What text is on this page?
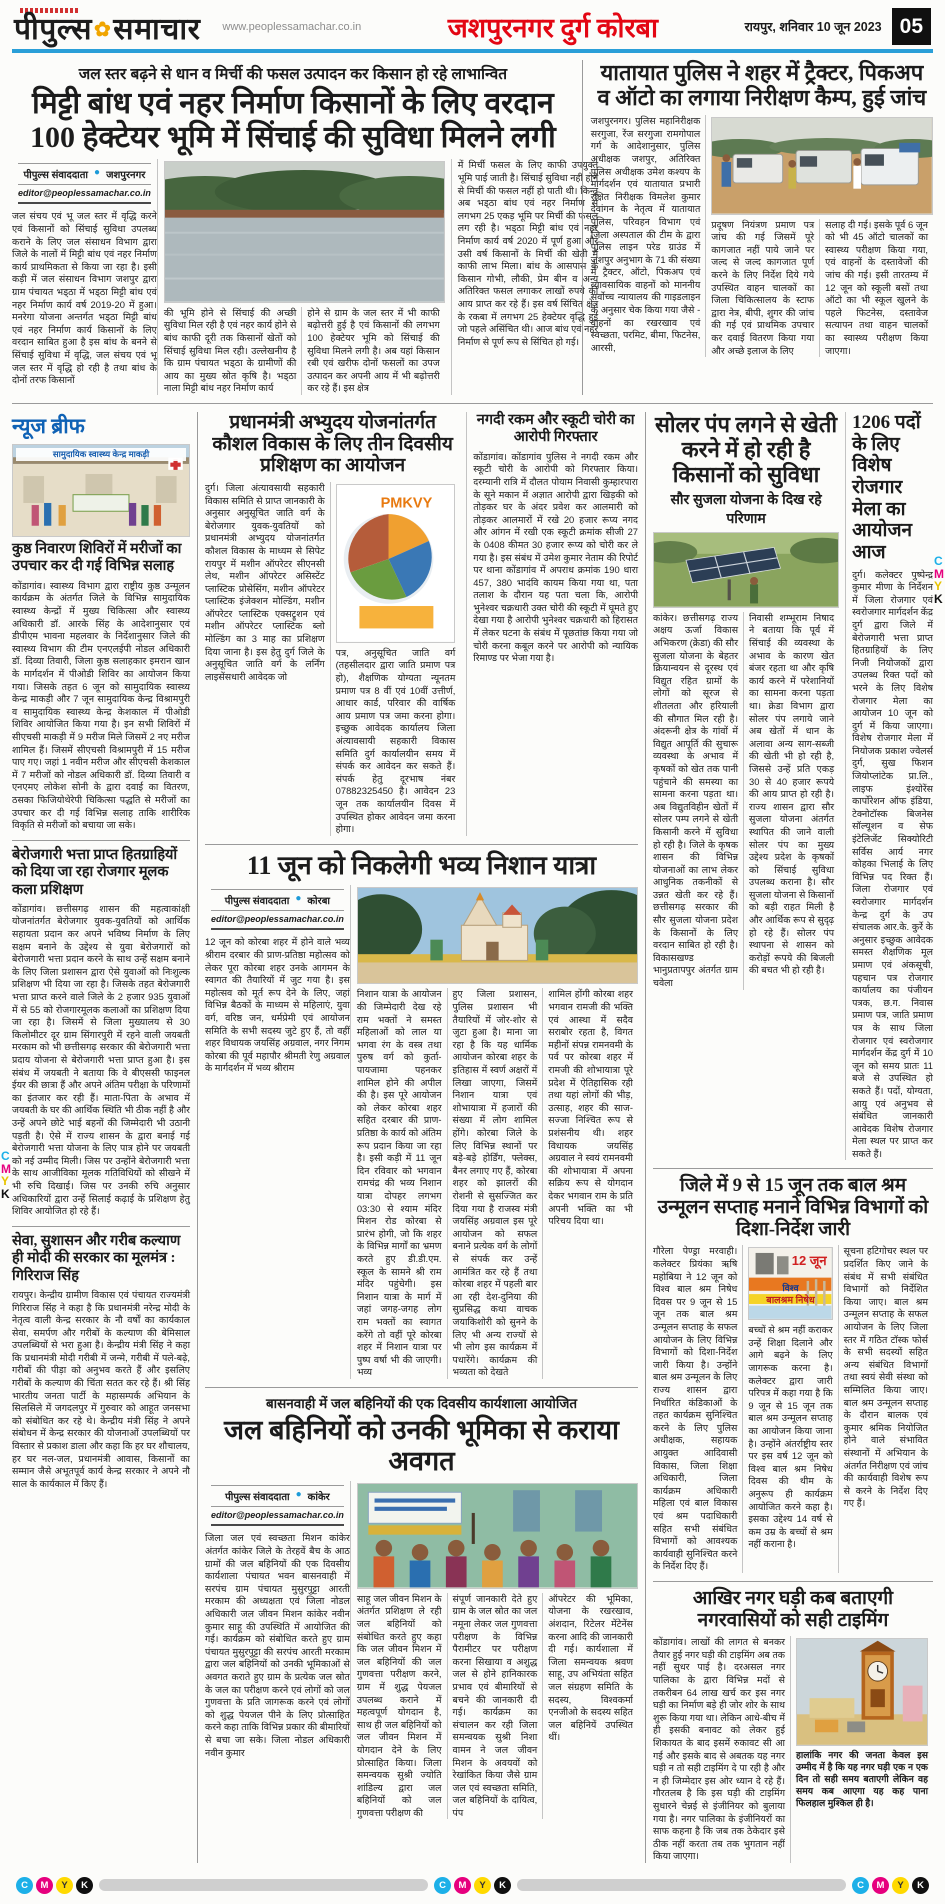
पीपुल्स ✿ समाचार www.peoplessamachar.co.in	जशपुरनगर दुर्ग कोरबा	रायपुर, शनिवार 10 जून 2023 05
जल स्तर बढ़ने से धान व मिर्ची की फसल उत्पादन कर किसान हो रहे लाभान्वित
मिट्टी बांध एवं नहर निर्माण किसानों के लिए वरदान
100 हेक्टेयर भूमि में सिंचाई की सुविधा मिलने लगी
पीपुल्स संवाददाता ● जशपुरनगर
editor@peoplessamachar.co.in
जल संचय एवं भू जल स्तर में वृद्धि करने एवं किसानों को सिंचाई सुविधा उपलब्ध कराने के लिए जल संसाधन विभाग द्वारा जिले के नालों में मिट्टी बांध एवं नहर निर्माण कार्य प्राथमिकता से किया जा रहा है। इसी कड़ी में जल संसाधन विभाग जशपुर द्वारा ग्राम पंचायत भड्ठा में भड्ठा मिट्टी बांध एवं नहर निर्माण कार्य वर्ष 2019-20 में हुआ। मनरेगा योजना अन्तर्गत भड्ठा मिट्टी बांध एवं नहर निर्माण कार्य किसानों के लिए वरदान साबित हुआ है इस बांध के बनने से सिंचाई सुविधा में वृद्धि, जल संचय एवं भू जल स्तर में वृद्धि हो रही है तथा बांध के दोनों तरफ किसानों
की भूमि होने से सिंचाई की अच्छी सुविधा मिल रही है एवं नहर कार्य होने से बांध काफी दूरी तक किसानों खेतों को सिंचाई सुविधा मिल रही। उल्लेखनीय है कि ग्राम पंचायत भड्ठा के ग्रामीणों की आय का मुख्य स्रोत कृषि है। भड्ठा नाला मिट्टी बांध नहर निर्माण कार्य
होने से ग्राम के जल स्तर में भी काफी बढ़ोत्तरी हुई है एवं किसानों की लगभग 100 हेक्टेयर भूमि को सिंचाई की सुविधा मिलने लगी है। अब यहां किसान रबी एवं खरीफ दोनों फसलों का उपज उत्पादन कर अपनी आय में भी बढ़ोत्तरी कर रहे हैं। इस क्षेत्र
में मिर्ची फसल के लिए काफी उपयुक्त भूमि पाई जाती है। सिंचाई सुविधा नहीं होने से मिर्ची की फसल नहीं हो पाती थी। किन्तु अब भड्ठा बांध एवं नहर निर्माण से लगभग 25 एकड़ भूमि पर मिर्ची की फसल लग रही है। भड्ठा मिट्टी बांध एवं नहर निर्माण कार्य वर्ष 2020 में पूर्ण हुआ और उसी वर्ष किसानों के मिर्ची की खेती में काफी लाभ मिला। बांध के आसपास के किसान गोभी, लौकी, प्रेम बीन व अन्य अतिरिक्त फसल लगाकर लाखों रुपये की आय प्राप्त कर रहे हैं। इस वर्ष सिंचित क्षेत्र के रकबा में लगभग 25 हेक्टेयर वृद्धि हुई जो पहले असिंचित थी। आज बांध एवं नहर निर्माण से पूर्ण रूप से सिंचित हो गई।
यातायात पुलिस ने शहर में ट्रैक्टर, पिकअप
व ऑटो का लगाया निरीक्षण कैम्प, हुई जांच
जशपुरनगर। पुलिस महानिरीक्षक सरगुजा, रेंज सरगुजा रामगोपाल गर्ग के आदेशानुसार, पुलिस अधीक्षक जशपुर, अतिरिक्त पुलिस अधीक्षक उमेश कश्यप के मार्गदर्शन एवं यातायात प्रभारी रक्षित निरीक्षक विमलेश कुमार देवांगन के नेतृत्व में यातायात पुलिस, परिवहन विभाग एवं जिला अस्पताल की टीम के द्वारा पुलिस लाइन परेड ग्राउंड में जशपुर अनुभाग के 71 की संख्या में ट्रैक्टर, ऑटो, पिकअप एवं व्यावसायिक वाहनों को माननीय सर्वोच्च न्यायालय की गाइडलाइन के अनुसार चेक किया गया जैसे - वाहनों का रखरखाव एवं स्वच्छता, परमिट, बीमा, फिटनेस, आरसी,
प्रदूषण नियंत्रण प्रमाण पत्र जांच की गई जिसमें पूरे कागजात नहीं पाये जाने पर जल्द से जल्द कागजात पूर्ण करने के लिए निर्देश दिये गये उपस्थित वाहन चालकों का जिला चिकित्सालय के स्टाफ द्वारा नेत्र, बीपी, शुगर की जांच की गई एवं प्राथमिक उपचार कर दवाई वितरण किया गया और अच्छे इलाज के लिए
सलाह दी गई। इसके पूर्व 6 जून को भी 45 ऑटो चालकों का स्वास्थ्य परीक्षण किया गया, एवं वाहनों के दस्तावेजों की जांच की गई। इसी तारतम्य में 12 जून को स्कूली बसों तथा ऑटो का भी स्कूल खुलने के पहले फिटनेस, दस्तावेज सत्यापन तथा वाहन चालकों का स्वास्थ्य परीक्षण किया जाएगा।
न्यूज ब्रीफ
सामुदायिक स्वास्थ्य केन्द्र माकड़ी
कुष्ठ निवारण शिविरों में मरीजों का उपचार कर दी गई विभिन्न सलाह
कोंडागांव। स्वास्थ्य विभाग द्वारा राष्ट्रीय कुष्ठ उन्मूलन कार्यक्रम के अंतर्गत जिले के विभिन्न सामुदायिक स्वास्थ्य केन्द्रों में मुख्य चिकित्सा और स्वास्थ्य अधिकारी डॉ. आरके सिंह के आदेशानुसार एवं डीपीएम भावना महलवार के निर्देशानुसार जिले की स्वास्थ्य विभाग की टीम एनएलईपी नोडल अधिकारी डॉ. दिव्या तिवारी, जिला कुष्ठ सलाहकार इमरान खान के मार्गदर्शन में पीओडी शिविर का आयोजन किया गया। जिसके तहत 6 जून को सामुदायिक स्वास्थ्य केन्द्र माकड़ी और 7 जून सामुदायिक केन्द्र विश्रामपुरी व सामुदायिक स्वास्थ्य केन्द्र केशकाल में पीओडी शिविर आयोजित किया गया है। इन सभी शिविरों में सीएचसी माकड़ी में 9 मरीज मिले जिसमें 2 नए मरीज शामिल हैं। जिसमें सीएचसी विश्रामपुरी में 15 मरीज पाए गए। जहां 1 नवीन मरीज और सीएचसी केशकाल में 7 मरीजों को नोडल अधिकारी डॉ. दिव्या तिवारी व एनएमए लोकेश सोनी के द्वारा दवाई का वितरण, ठसका फिजियोथेरेपी चिकित्सा पद्धति से मरीजों का उपचार कर दी गई विभिन्न सलाह ताकि शारीरिक विकृति से मरीजों को बचाया जा सके।
बेरोजगारी भत्ता प्राप्त हितग्राहियों को दिया जा रहा रोजगार मूलक कला प्रशिक्षण
कोंडागांव। छत्तीसगढ़ शासन की महत्वाकांक्षी योजनांतर्गत बेरोजगार युवक-युवतियों को आर्थिक सहायता प्रदान कर अपने भविष्य निर्माण के लिए सक्षम बनाने के उद्देश्य से युवा बेरोजगारों को बेरोजगारी भत्ता प्रदान करने के साथ उन्हें सक्षम बनाने के लिए जिला प्रशासन द्वारा ऐसे युवाओं को निःशुल्क प्रशिक्षण भी दिया जा रहा है। जिसके तहत बेरोजगारी भत्ता प्राप्त करने वाले जिले के 2 हजार 935 युवाओं में से 55 को रोजगारमूलक कलाओं का प्रशिक्षण दिया जा रहा है। जिसमें से जिला मुख्यालय से 30 किलोमीटर दूर ग्राम सिंगारपुरी में रहने वाली जयबती मरकाम को भी छत्तीसगढ़ सरकार की बेरोजगारी भत्ता प्रदाय योजना से बेरोजगारी भत्ता प्राप्त हुआ है। इस संबंध में जयबती ने बताया कि वे बीएससी फाइनल ईयर की छात्रा हैं और अपने अंतिम परीक्षा के परिणामों का इंतजार कर रही हैं। माता-पिता के अभाव में जयबती के घर की आर्थिक स्थिति भी ठीक नहीं है और उन्हें अपने छोटे भाई बहनों की जिम्मेदारी भी उठानी पड़ती है। ऐसे में राज्य शासन के द्वारा बनाई गई बेरोजगारी भत्ता योजना के लिए पात्र होने पर जयबती को नई उम्मीद मिली। जिस पर उन्होंने बेरोजगारी भत्ता के साथ आजीविका मूलक गतिविधियों को सीखने में भी रुचि दिखाई। जिस पर उनकी रुचि अनुसार अधिकारियों द्वारा उन्हें सिलाई कढ़ाई के प्रशिक्षण हेतु शिविर आयोजित हो रहे हैं।
सेवा, सुशासन और गरीब कल्याण ही मोदी की सरकार का मूलमंत्र : गिरिराज सिंह
रायपुर। केन्द्रीय ग्रामीण विकास एवं पंचायत राज्यमंत्री गिरिराज सिंह ने कहा है कि प्रधानमंत्री नरेन्द्र मोदी के नेतृत्व वाली केन्द्र सरकार के नौ वर्षों का कार्यकाल सेवा, समर्पण और गरीबों के कल्याण की बेमिसाल उपलब्धियों से भरा हुआ है। केन्द्रीय मंत्री सिंह ने कहा कि प्रधानमंत्री मोदी गरीबी में जन्मे, गरीबी में पले-बढ़े, गरीबों की पीड़ा को अनुभव करते हैं और इसलिए गरीबों के कल्याण की चिंता सतत कर रहे हैं। श्री सिंह भारतीय जनता पार्टी के महासम्पर्क अभियान के सिलसिले में जगदलपुर में गुरुवार को आहूत जनसभा को संबोधित कर रहे थे। केन्द्रीय मंत्री सिंह ने अपने संबोधन में केन्द्र सरकार की योजनाओं उपलब्धियों पर विस्तार से प्रकाश डाला और कहा कि हर घर शौचालय, हर घर नल-जल, प्रधानमंत्री आवास, किसानों का सम्मान जैसे अभूतपूर्व कार्य केन्द्र सरकार ने अपने नौ साल के कार्यकाल में किए हैं।
प्रधानमंत्री अभ्युदय योजनांतर्गत कौशल विकास के लिए तीन दिवसीय प्रशिक्षण का आयोजन
दुर्ग। जिला अंत्यावसायी सहकारी विकास समिति से प्राप्त जानकारी के अनुसार अनुसूचित जाति वर्ग के बेरोजगार युवक-युवतियों को प्रधानमंत्री अभ्युदय योजनांतर्गत कौशल विकास के माध्यम से सिपेट रायपुर में मशीन ऑपरेटर सीएनसी लेथ, मशीन ऑपरेटर असिस्टेंट प्लास्टिक प्रोसेसिंग, मशीन ऑपरेटर प्लास्टिक इंजेक्शन मोल्डिंग, मशीन ऑपरेटर प्लास्टिक एक्सट्रूशन एवं मशीन ऑपरेटर प्लास्टिक ब्लो मोल्डिंग का 3 माह का प्रशिक्षण दिया जाना है। इस हेतु दुर्ग जिले के अनुसूचित जाति वर्ग के लर्निंग लाइसेंसधारी आवेदक जो
PMKVY
पत्र, अनुसूचित जाति वर्ग (तहसीलदार द्वारा जाति प्रमाण पत्र हो), शैक्षणिक योग्यता न्यूनतम प्रमाण पत्र 8 वीं एवं 10वीं उत्तीर्ण, आधार कार्ड, परिवार की वार्षिक आय प्रमाण पत्र जमा करना होगा। इच्छुक आवेदक कार्यालय जिला अंत्यावसायी सहकारी विकास समिति दुर्ग कार्यालयीन समय में संपर्क कर आवेदन कर सकते हैं। संपर्क हेतु दूरभाष नंबर 07882325450 है। आवेदन 23 जून तक कार्यालयीन दिवस में उपस्थित होकर आवेदन जमा करना होगा।
नगदी रकम और स्कूटी चोरी का आरोपी गिरफ्तार
कोंडागांव। कोंडागांव पुलिस ने नगदी रकम और स्कूटी चोरी के आरोपी को गिरफ्तार किया। दरम्यानी रात्रि में दौलत पोयाम निवासी कुम्हारपारा के सूने मकान में अज्ञात आरोपी द्वारा खिड़की को तोड़कर घर के अंदर प्रवेश कर आलमारी को तोड़कर आलमारों में रखे 20 हजार रूप्य नगद और आंगन में रखी एक स्कूटी क्रमांक सीजी 27 के 0408 कीमत 30 हजार रूप्य को चोरी कर ले गया है। इस संबंध में उमेश कुमार नेताम की रिपोर्ट पर थाना कोंडागांव में अपराध क्रमांक 190 धारा 457, 380 भादंवि कायम किया गया था, पता तलाश के दौरान यह पता चला कि, आरोपी भुनेश्वर चक्रधारी उक्त चोरी की स्कूटी में घूमते हुए देखा गया है आरोपी भुनेश्वर चक्रधारी को हिरासत में लेकर घटना के संबंध में पूछतांछ किया गया जो चोरी करना कबूल करने पर आरोपी को न्यायिक रिमाण्ड पर भेजा गया है।
11 जून को निकलेगी भव्य निशान यात्रा
पीपुल्स संवाददाता ● कोरबा
editor@peoplessamachar.co.in
12 जून को कोरबा शहर में होने वाले भव्य श्रीराम दरबार की प्राण-प्रतिष्ठा महोत्सव को लेकर पूरा कोरबा शहर उनके आगमन के स्वागत की तैयारियों में जुट गया है। इस महोत्सव को मूर्त रूप देने के लिए, जहां विभिन्न बैठकों के माध्यम से महिलाएं, युवा वर्ग, वरिष्ठ जन, धर्मप्रेमी एवं आयोजन समिति के सभी सदस्य जुटे हुए हैं, तो वहीं शहर विधायक जयसिंह अग्रवाल, नगर निगम कोरबा की पूर्व महापौर श्रीमती रेणु अग्रवाल के मार्गदर्शन में भव्य श्रीराम
निशान यात्रा के आयोजन की जिम्मेदारी देख रहे राम भक्तों ने समस्त महिलाओं को लाल या भगवा रंग के वस्त्र तथा पुरुष वर्ग को कुर्ता-पायजामा पहनकर शामिल होने की अपील की है। इस पूरे आयोजन को लेकर कोरबा शहर सहित दरबार की प्राण-प्रतिष्ठा के कार्य को अंतिम रूप प्रदान किया जा रहा है। इसी कड़ी में 11 जून दिन रविवार को भगवान रामचंद्र की भव्य निशान यात्रा दोपहर लगभग 03:30 से श्याम मंदिर मिशन रोड कोरबा से प्रारंभ होगी, जो कि शहर के विभिन्न मार्गों का भ्रमण करते हुए डी.डी.एम. स्कूल के सामने श्री राम मंदिर पहुंचेगी। इस निशान यात्रा के मार्ग में जहां जगह-जगह लोग राम भक्तों का स्वागत करेंगे तो वहीं पूरे कोरबा शहर में निशान यात्रा पर पुष्प वर्षा भी की जाएगी। भव्य
हुए जिला प्रशासन, पुलिस प्रशासन भी तैयारियों में जोर-शोर से जुटा हुआ है। माना जा रहा है कि यह धार्मिक आयोजन कोरबा शहर के इतिहास में स्वर्ण अक्षरों में लिखा जाएगा, जिसमें निशान यात्रा एवं शोभायात्रा में हजारों की संख्या में लोग शामिल होंगे। कोरबा जिले के लिए विभिन्न स्थानों पर बड़े-बड़े होर्डिंग, फ्लेक्स, बैनर लगाए गए हैं, कोरबा शहर को झालरों की रोशनी से सुसज्जित कर दिया गया है राजस्व मंत्री जयसिंह अग्रवाल इस पूरे आयोजन को सफल बनाने प्रत्येक वर्ग के लोगों से संपर्क कर उन्हें आमंत्रित कर रहे हैं तथा कोरबा शहर में पहली बार आ रही देश-दुनिया की सुप्रसिद्ध कथा वाचक जयाकिशोरी को सुनने के लिए भी अन्य राज्यों से भी लोग इस कार्यक्रम में पधारेंगे। कार्यक्रम की भव्यता को देखते
शामिल होंगी कोरबा शहर भगवान रामजी की भक्ति एवं आस्था में सदैव सराबोर रहता है, विगत महीनों संपन्न रामनवमी के पर्व पर कोरबा शहर में रामजी की शोभायात्रा पूरे प्रदेश में ऐतिहासिक रही तथा यहां लोगों की भीड़, उत्साह, शहर की साज-सज्जा निश्चित रूप से प्रशंसनीय थी। शहर विधायक जयसिंह अग्रवाल ने स्वयं रामनवमी की शोभायात्रा में अपना सक्रिय रूप से योगदान देकर भगवान राम के प्रति अपनी भक्ति का भी परिचय दिया था।
बासनवाही में जल बहिनियों की एक दिवसीय कार्यशाला आयोजित
जल बहिनियों को उनकी भूमिका से कराया अवगत
पीपुल्स संवाददाता ● कांकेर
editor@peoplessamachar.co.in
जिला जल एवं स्वच्छता मिशन कांकेर अंतर्गत कांकेर जिले के तेरहवें बैच के आठ ग्रामों की जल बहिनियों की एक दिवसीय कार्यशाला पंचायत भवन बासनवाही में सरपंच ग्राम पंचायत मुसुरपुट्टा आरती मरकाम की अध्यक्षता एवं जिला नोडल अधिकारी जल जीवन मिशन कांकेर नवीन कुमार साहू की उपस्थिति में आयोजित की गई। कार्यक्रम को संबोधित करते हुए ग्राम पंचायत मुसुरपुट्टा की सरपंच आरती मरकाम द्वारा जल बहिनियों को उनकी भूमिकाओं से अवगत कराते हुए ग्राम के प्रत्येक जल स्रोत के जल का परीक्षण करने एवं लोगों को जल गुणवत्ता के प्रति जागरूक करने एवं लोगों को शुद्ध पेयजल पीने के लिए प्रोत्साहित करने कहा ताकि विभिन्न प्रकार की बीमारियों से बचा जा सके। जिला नोडल अधिकारी नवीन कुमार
साहू जल जीवन मिशन के अंतर्गत प्रशिक्षण ले रही जल बहिनियों को संबोधित करते हुए कहा कि जल जीवन मिशन में जल बहिनियों की जल गुणवत्ता परीक्षण करने, ग्राम में शुद्ध पेयजल उपलब्ध कराने में महत्वपूर्ण योगदान है, साथ ही जल बहिनियों को जल जीवन मिशन में योगदान देने के लिए प्रोत्साहित किया। जिला समन्वयक सुश्री ज्योति शांडिल्य द्वारा जल बहिनियों को जल गुणवत्ता परीक्षण की
संपूर्ण जानकारी देते हुए ग्राम के जल स्रोत का जल नमूना लेकर जल गुणवत्ता परीक्षण के विभिन्न पैरामीटर पर परीक्षण करना सिखाया व अशुद्ध जल से होने हानिकारक प्रभाव एवं बीमारियों से बचने की जानकारी दी गई। कार्यक्रम का संचालन कर रही जिला समन्वयक सुश्री निशा वामन ने जल जीवन मिशन के अवयवों को रेखांकित किया जैसे ग्राम जल एवं स्वच्छता समिति, जल बहिनियों के दायित्व, पंप
ऑपरेटर की भूमिका, योजना के रखरखाव, अंशदान, रिटेलर मेंटेनेंस करना आदि की जानकारी दी गई। कार्यशाला में जिला समन्वयक श्रवण साहू, उप अभियंता सहित जल संग्रहण समिति के सदस्य, विश्वकर्मा एनजीओ के सदस्य सहित जल बहिनियें उपस्थित थीं।
सोलर पंप लगने से खेती करने में हो रही है किसानों को सुविधा
सौर सुजला योजना के दिख रहे परिणाम
कांकेर। छत्तीसगढ़ राज्य अक्षय ऊर्जा विकास अभिकरण (क्रेडा) की सौर सुजला योजना के बेहतर क्रियान्वयन से दूरस्थ एवं विद्युत रहित ग्रामों के लोगों को सूरज से शीतलता और हरियाली की सौगात मिल रही है। अंदरूनी क्षेत्र के गांवों में विद्युत आपूर्ति की सुचारू व्यवस्था के अभाव में कृषकों को खेत तक पानी पहुंचाने की समस्या का सामना करना पड़ता था। अब विद्युतविहीन खेतों में सोलर पम्प लगने से खेती किसानी करने में सुविधा हो रही है। जिले के कृषक शासन की विभिन्न योजनाओं का लाभ लेकर आधुनिक तकनीकों से उन्नत खेती कर रहे हैं। छत्तीसगढ़ सरकार की सौर सुजला योजना प्रदेश के किसानों के लिए वरदान साबित हो रही है। विकासखण्ड भानुप्रतापपुर अंतर्गत ग्राम चवेला
निवासी शम्भूराम निषाद ने बताया कि पूर्व में सिंचाई की व्यवस्था के अभाव के कारण खेत बंजर रहता था और कृषि कार्य करने में परेशानियों का सामना करना पड़ता था। क्रेडा विभाग द्वारा सोलर पंप लगाये जाने अब खेतों में धान के अलावा अन्य साग-सब्जी की खेती भी हो रही है, जिससे उन्हें प्रति एकड़ 30 से 40 हजार रूपये की आय प्राप्त हो रही है। राज्य शासन द्वारा सौर सुजला योजना अंतर्गत स्थापित की जाने वाली सोलर पंप का मुख्य उद्देश्य प्रदेश के कृषकों को सिंचाई सुविधा उपलब्ध कराना है। सौर सुजला योजना से किसानों को बड़ी राहत मिली है और आर्थिक रूप से सुदृढ़ हो रहे हैं। सोलर पंप स्थापना से शासन को करोड़ों रूपये की बिजली की बचत भी हो रही है।
1206 पदों के लिए विशेष रोजगार मेला का आयोजन आज
दुर्ग। कलेक्टर पुष्पेन्द्र कुमार मीणा के निर्देशन में जिला रोजगार एवं स्वरोजगार मार्गदर्शन केंद्र दुर्ग द्वारा जिले में बेरोजगारी भत्ता प्राप्त हितग्राहियों के लिए निजी नियोजकों द्वारा उपलब्ध रिक्त पदों को भरने के लिए विशेष रोजगार मेला का आयोजन 10 जून को दुर्ग में किया जाएगा। विशेष रोजगार मेला में नियोजक प्रकाश ज्वेलर्स दुर्ग, सुख फिशन जियोप्लांटेक प्रा.लि., लाइफ इंश्योरेंस कार्पोरेशन ऑफ इंडिया, टेक्नोटॉस्क बिजनेस सॉल्यूशन व सेफ इंटेलिजेंट सिक्योरिटी सर्विस आर्य नगर कोहका भिलाई के लिए विभिन्न पद रिक्त हैं। जिला रोजगार एवं स्वरोजगार मार्गदर्शन केन्द्र दुर्ग के उप संचालक आर.के. कुर्रे के अनुसार इच्छुक आवेदक समस्त शैक्षणिक मूल प्रमाण एवं अंकसूची, पहचान पत्र रोजगार कार्यालय का पंजीयन पत्रक, छ.ग. निवास प्रमाण पत्र, जाति प्रमाण पत्र के साथ जिला रोजगार एवं स्वरोजगार मार्गदर्शन केंद्र दुर्ग में 10 जून को समय प्रातः 11 बजे से उपस्थित हो सकते हैं। पदों, योग्यता, आयु एवं अनुभव से संबंधित जानकारी आवेदक विशेष रोजगार मेला स्थल पर प्राप्त कर सकते हैं।
जिले में 9 से 15 जून तक बाल श्रम उन्मूलन सप्ताह मनाने विभिन्न विभागों को दिशा-निर्देश जारी
गौरेला पेण्ड्रा मरवाही। कलेक्टर प्रियंका ऋषि महोबिया ने 12 जून को विश्व बाल श्रम निषेध दिवस पर 9 जून से 15 जून तक बाल श्रम उन्मूलन सप्ताह के सफल आयोजन के लिए विभिन्न विभागों को दिशा-निर्देश जारी किया है। उन्होंने बाल श्रम उन्मूलन के लिए राज्य शासन द्वारा निर्धारित कंडिकाओं के तहत कार्यक्रम सुनिश्चित करने के लिए पुलिस अधीक्षक, सहायक आयुक्त आदिवासी विकास, जिला शिक्षा अधिकारी, जिला कार्यक्रम अधिकारी महिला एवं बाल विकास एवं श्रम पदाधिकारी सहित सभी संबंधित विभागों को आवश्यक कार्यवाही सुनिश्चित करने के निर्देश दिए हैं।
12 जून
विश्व
बालश्रम निषेध
बच्चों से श्रम नहीं कराकर उन्हें शिक्षा दिलाने और आगे बढ़ने के लिए जागरूक करना है। कलेक्टर द्वारा जारी परिपत्र में कहा गया है कि 9 जून से 15 जून तक बाल श्रम उन्मूलन सप्ताह का आयोजन किया जाना है। उन्होंने अंतर्राष्ट्रीय स्तर पर इस वर्ष 12 जून को विश्व बाल श्रम निषेध दिवस की थीम के अनुरूप ही कार्यक्रम आयोजित करने कहा है। इसका उद्देश्य 14 वर्ष से कम उम्र के बच्चों से श्रम नहीं कराना है।
सूचना हटिगोचर स्थल पर प्रदर्शित किए जाने के संबंध में सभी संबंधित विभागों को निर्देशित किया जाए। बाल श्रम उन्मूलन सप्ताह के सफल आयोजन के लिए जिला स्तर में गठित टॉस्क फोर्स के सभी सदस्यों सहित अन्य संबंधित विभागों तथा स्वयं सेवी संस्था को सम्मिलित किया जाए। बाल श्रम उन्मूलन सप्ताह के दौरान बालक एवं कुमार श्रमिक नियोजित होने वाले संभावित संस्थानों में अभियान के अंतर्गत निरीक्षण एवं जांच की कार्यवाही विशेष रूप से करने के निर्देश दिए गए हैं।
आखिर नगर घड़ी कब बताएगी नगरवासियों को सही टाइमिंग
कोंडागांव। लाखों की लागत से बनकर तैयार हुई नगर घड़ी की टाइमिंग अब तक नहीं सुधर पाई है। दरअसल नगर पालिका के द्वारा विभिन्न मदों से तकरीबन 64 लाख खर्च कर इस नगर घड़ी का निर्माण बड़े ही जोर शोर के साथ शुरू किया गया था। लेकिन आधे-बीच में ही इसकी बनावट को लेकर हुई शिकायत के बाद इसमें रुकावट सी आ गई और इसके बाद से अबतक यह नगर घड़ी न तो सही टाइमिंग दे पा रही है और न ही जिम्मेदार इस ओर ध्यान दे रहे हैं। गौरतलब है कि इस घड़ी की टाइमिंग सुधारने चेन्नई से इंजीनियर को बुलाया गया है। नगर पालिका के इंजीनियरों का साफ कहना है कि जब तक ठेकेदार इसे ठीक नहीं करता तब तक भुगतान नहीं किया जाएगा।
हालांकि नगर की जनता केवल इस उम्मीद में है कि यह नगर घड़ी एक न एक दिन तो सही समय बताएगी लेकिन वह समय कब आएगा यह कह पाना फिलहाल मुश्किल ही है।
C	M	Y	K	C	M	Y	K	C	M	Y	K
C
M
Y
K
C
M
Y
K
